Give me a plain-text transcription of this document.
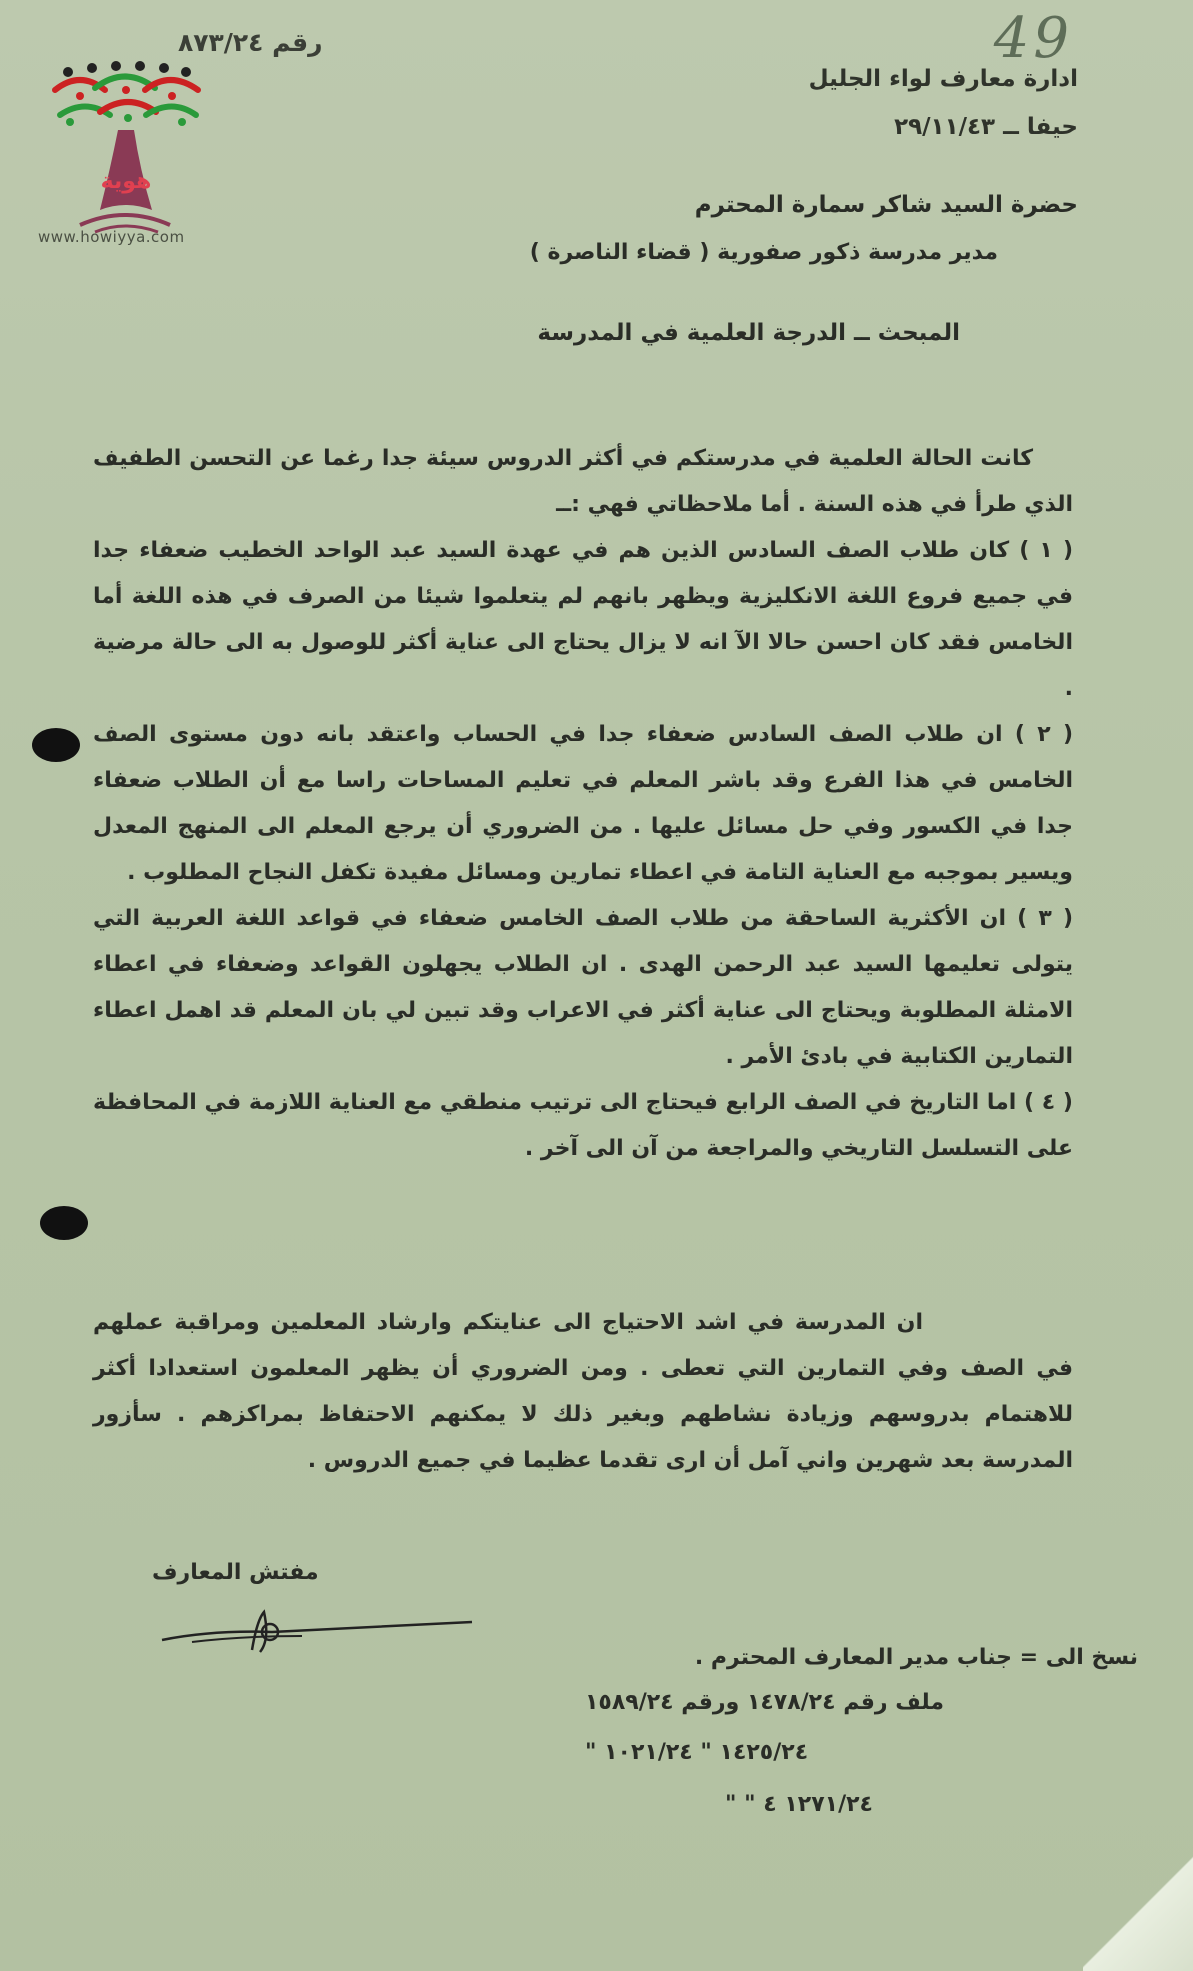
49
رقم ٨٧٣/٢٤
هوية
www.howiyya.com
ادارة معارف لواء الجليل
حيفا ــ ٢٩/١١/٤٣
حضرة السيد شاكر سمارة المحترم
مدير مدرسة ذكور صفورية ( قضاء الناصرة )
المبحث ــ الدرجة العلمية في المدرسة

كانت الحالة العلمية في مدرستكم في أكثر الدروس سيئة جدا رغما عن التحسن الطفيف الذي طرأ في هذه السنة . أما ملاحظاتي فهي :ــ

( ١ ) كان طلاب الصف السادس الذين هم في عهدة السيد عبد الواحد الخطيب ضعفاء جدا في جميع فروع اللغة الانكليزية ويظهر بانهم لم يتعلموا شيئا من الصرف في هذه اللغة أما الخامس فقد كان احسن حالا الآ انه لا يزال يحتاج الى عناية أكثر للوصول به الى حالة مرضية .

( ٢ ) ان طلاب الصف السادس ضعفاء جدا في الحساب واعتقد بانه دون مستوى الصف الخامس في هذا الفرع وقد باشر المعلم في تعليم المساحات راسا مع أن الطلاب ضعفاء جدا في الكسور وفي حل مسائل عليها . من الضروري أن يرجع المعلم الى المنهج المعدل ويسير بموجبه مع العناية التامة في اعطاء تمارين ومسائل مفيدة تكفل النجاح المطلوب .

( ٣ ) ان الأكثرية الساحقة من طلاب الصف الخامس ضعفاء في قواعد اللغة العربية التي يتولى تعليمها السيد عبد الرحمن الهدى . ان الطلاب يجهلون القواعد وضعفاء في اعطاء الامثلة المطلوبة ويحتاج الى عناية أكثر في الاعراب وقد تبين لي بان المعلم قد اهمل اعطاء التمارين الكتابية في بادئ الأمر .

( ٤ ) اما التاريخ في الصف الرابع فيحتاج الى ترتيب منطقي مع العناية اللازمة في المحافظة على التسلسل التاريخي والمراجعة من آن الى آخر .

ان المدرسة في اشد الاحتياج الى عنايتكم وارشاد المعلمين ومراقبة عملهم في الصف وفي التمارين التي تعطى . ومن الضروري أن يظهر المعلمون استعدادا أكثر للاهتمام بدروسهم وزيادة نشاطهم وبغير ذلك لا يمكنهم الاحتفاظ بمراكزهم . سأزور المدرسة بعد شهرين واني آمل أن ارى تقدما عظيما في جميع الدروس .

مفتش المعارف
نسخ الى = جناب مدير المعارف المحترم .
ملف رقم ١٤٧٨/٢٤ ورقم ١٥٨٩/٢٤
" ١٤٢٥/٢٤ " ١٠٢١/٢٤
" " ١٢٧١/٢٤ ٤
